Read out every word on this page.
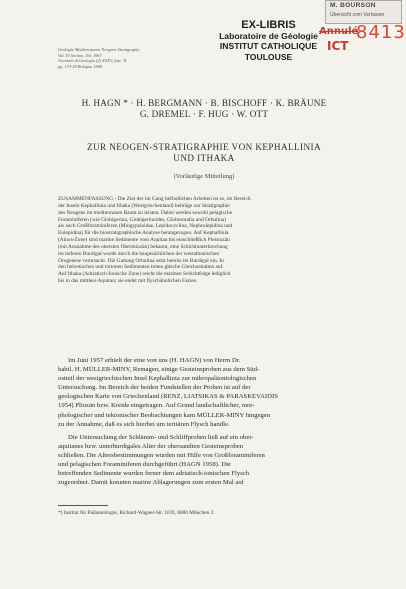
Geologie Mediterraneen Neogene Stratigraphy
Vol. IV Section, Vol. 1967
Giornale di Geologia (2) XXXV, fasc. II
pp. 173-29 Bologna 1968
EX-LIBRIS
Laboratoire de Géologie
INSTITUT CATHOLIQUE
TOULOUSE
M. BOURSON
Übersicht vom Verfasser
8413
Annulé
ICT
H. HAGN * · H. BERGMANN · B. BISCHOFF · K. BRÄUNE
G. DREMEL · F. HUG · W. OTT
ZUR NEOGEN-STRATIGRAPHIE VON KEPHALLINIA
UND ITHAKA
(Vorläufige Mitteilung)
ZUSAMMENFASSUNG - Die Ziel der im Gang befindlichen Arbeiten ist es, im Bereich
der Inseln Kephallinia und Ithaka (Westgriechenland) beiträge zur Stratigraphie
des Neogens im mediterranen Raum zu leisten. Dabei werden sowohl pelagische
Foraminiferen (wie Globigerina, Globigerinoides, Globorotalia und Orbulina)
als auch Großforaminiferen (Miogypsinidae, Lepidocyclina, Nephrolepidina und
Eulepidina) für die biostratigraphische Analyse herangezogen. Auf Kephallinia
(Ainos-Zone) sind marine Sedimente vom Aquitan bis einschließlich Pleistozän
(mit Ausnahme des obersten Obermiozän) bekannt, eine Schichtunterbrechung
im tieferen Burdigal wurde durch die hauptsächlichen der westalbanischen
Orogenese verursacht. Die Gattung Orbulina setzt bereits im Burdigal ein. In
den helvetischen und tortonen Sedimenten treten gleiche Gleichzeitalten auf.
Auf Ithaka (Adriatisch-Ionische Zone) reicht die marinen Schichtfolge lediglich
bis in das mittlere Aquitan; sie endet mit flyschähnlichen Fazies.
Im Juni 1957 erhielt der eine von uns (H. HAGN) von Herrn Dr.
habil. H. MÜLLER-MINY, Remagen, einige Gesteinsproben aus dem Süd-
ostteil der westgriechischen Insel Kephallinia zur mikropaläontologischen
Untersuchung. Im Bereich der beiden Fundstellen der Proben ist auf der
geologischen Karte von Griechenland (RENZ, LIATSIKAS & PARASKEVAIDIS
1954) Pliozän bzw. Kreide eingetragen. Auf Grund landschaftlicher, mor-
phologischer und tektonischer Beobachtungen kam MÜLLER-MINY hingegen
zu der Annahme, daß es sich hierbei um tertiären Flysch handle.
Die Untersuchung der Schlämm- und Schliffproben ließ auf ein ober-
aquitanes bzw. unterburdigales Alter der obersandten Gesteinsproben
schließen. Die Altersbestimmungen wurden mit Hilfe von Großforaminiferen
und pelagischen Foraminiferen durchgeführt (HAGN 1958). Die
betreffenden Sedimente wurden ferner dem adriatisch-ionischen Flysch
zugeordnet. Damit konnten marine Ablagerungen zum ersten Mal auf
*) Institut für Paläontologie, Richard-Wagner-Str. 10/II, 8000 München 2.
